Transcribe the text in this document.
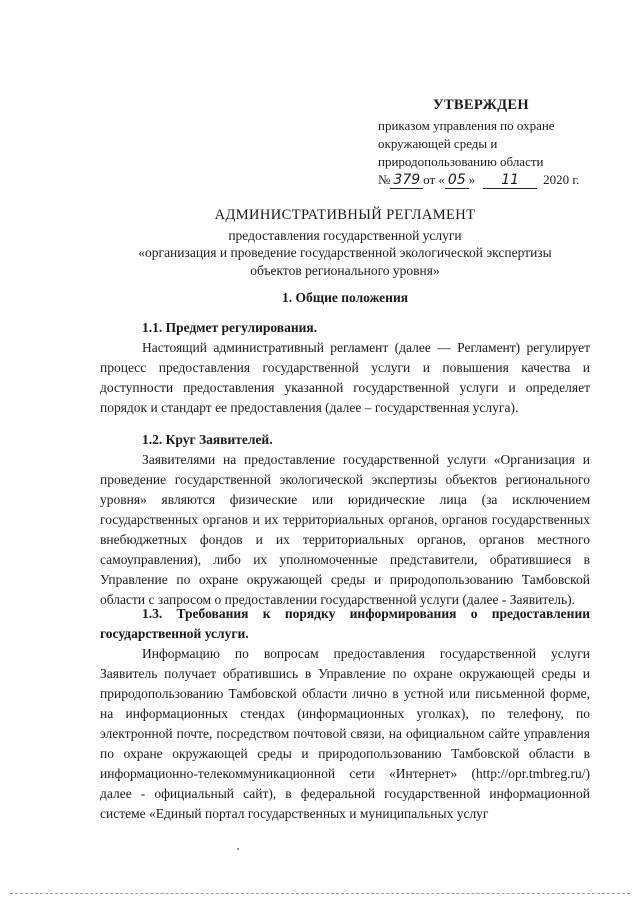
УТВЕРЖДЕН
приказом управления по охране
окружающей среды и
природопользованию области
№ 379 от « 05 »	11	2020 г.
АДМИНИСТРАТИВНЫЙ РЕГЛАМЕНТ
предоставления государственной услуги
«организация и проведение государственной экологической экспертизы
объектов регионального уровня»
1. Общие положения
1.1. Предмет регулирования.
Настоящий административный регламент (далее — Регламент) регулирует процесс предоставления государственной услуги и повышения качества и доступности предоставления указанной государственной услуги и определяет порядок и стандарт ее предоставления (далее – государственная услуга).
1.2. Круг Заявителей.
Заявителями на предоставление государственной услуги «Организация и проведение государственной экологической экспертизы объектов регионального уровня» являются физические или юридические лица (за исключением государственных органов и их территориальных органов, органов государственных внебюджетных фондов и их территориальных органов, органов местного самоуправления), либо их уполномоченные представители, обратившиеся в Управление по охране окружающей среды и природопользованию Тамбовской области с запросом о предоставлении государственной услуги (далее - Заявитель).
1.3. Требования к порядку информирования о предоставлении государственной услуги.
Информацию по вопросам предоставления государственной услуги Заявитель получает обратившись в Управление по охране окружающей среды и природопользованию Тамбовской области лично в устной или письменной форме, на информационных стендах (информационных уголках), по телефону, по электронной почте, посредством почтовой связи, на официальном сайте управления по охране окружающей среды и природопользованию Тамбовской области в информационно-телекоммуникационной сети «Интернет» (http://opr.tmbreg.ru/) далее - официальный сайт), в федеральной государственной информационной системе «Единый портал государственных и муниципальных услуг
